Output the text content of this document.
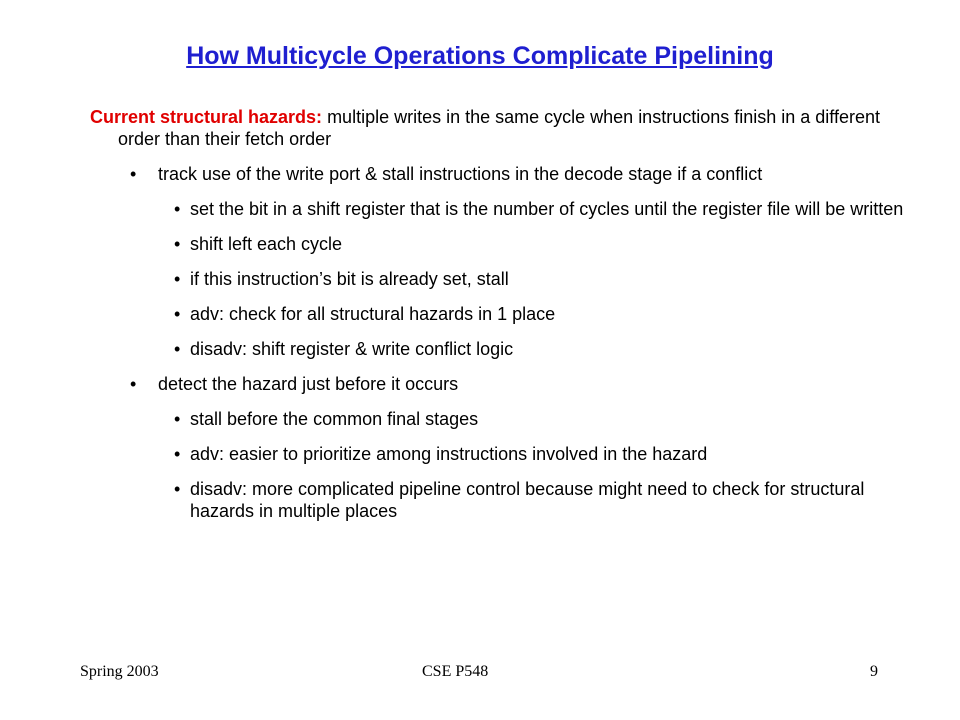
How Multicycle Operations Complicate Pipelining
Current structural hazards: multiple writes in the same cycle when instructions finish in a different order than their fetch order
• track use of the write port & stall instructions in the decode stage if a conflict
• set the bit in a shift register that is the number of cycles until the register file will be written
• shift left each cycle
• if this instruction’s bit is already set, stall
• adv: check for all structural hazards in 1 place
• disadv: shift register & write conflict logic
• detect the hazard just before it occurs
• stall before the common final stages
• adv: easier to prioritize among instructions involved in the hazard
• disadv: more complicated pipeline control because might need to check for structural hazards in multiple places
Spring 2003	CSE P548	9
